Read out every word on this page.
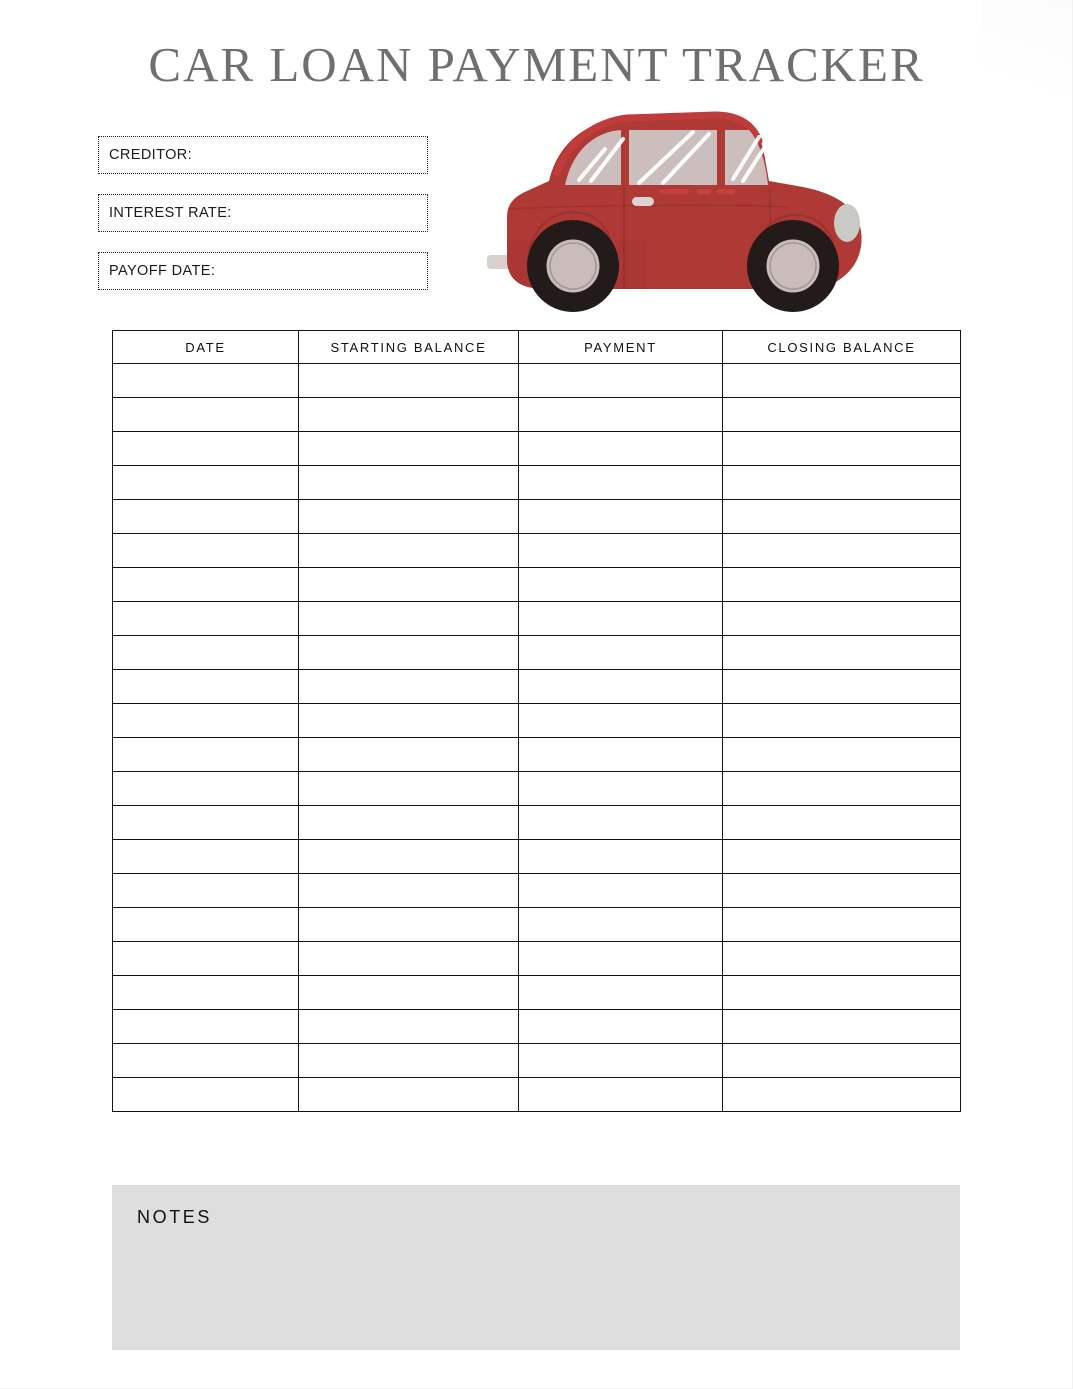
CAR LOAN PAYMENT TRACKER
CREDITOR:
INTEREST RATE:
PAYOFF DATE:
DATE	STARTING BALANCE	PAYMENT	CLOSING BALANCE

NOTES
